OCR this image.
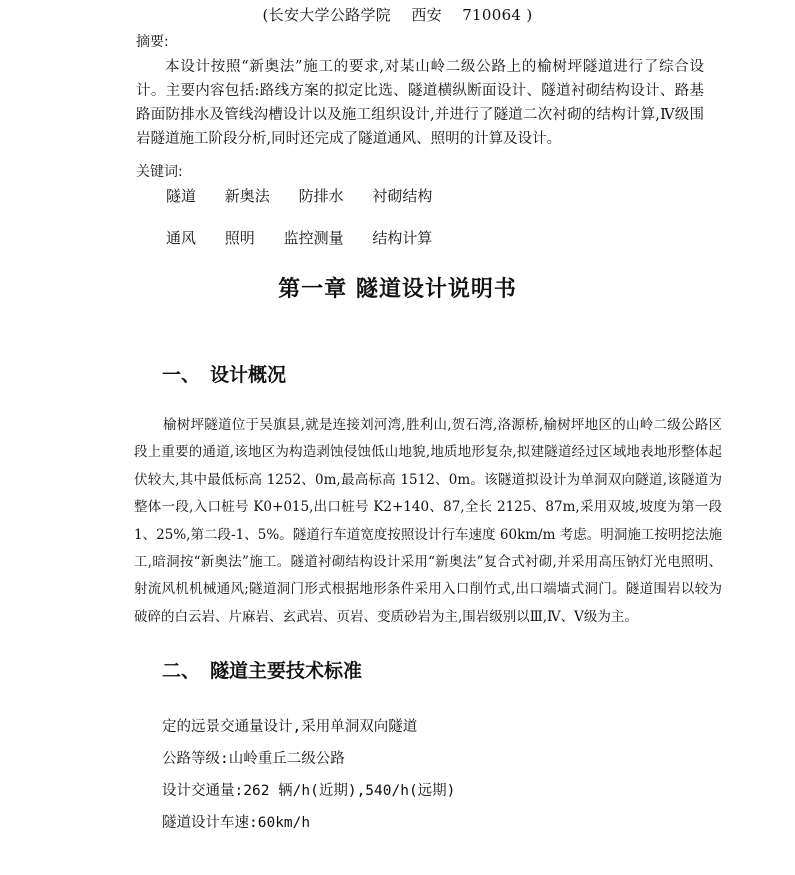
(长安大学公路学院    西安    710064 )
摘要:

本设计按照“新奥法”施工的要求,对某山岭二级公路上的榆树坪隧道进行了综合设计。主要内容包括:路线方案的拟定比选、隧道横纵断面设计、隧道衬砌结构设计、路基路面防排水及管线沟槽设计以及施工组织设计,并进行了隧道二次衬砌的结构计算,Ⅳ级围岩隧道施工阶段分析,同时还完成了隧道通风、照明的计算及设计。

关键词:
隧道 新奥法 防排水 衬砌结构
通风 照明 监控测量 结构计算
第一章 隧道设计说明书
一、 设计概况

榆树坪隧道位于吴旗县,就是连接刘河湾,胜利山,贺石湾,洛源桥,榆树坪地区的山岭二级公路区段上重要的通道,该地区为构造剥蚀侵蚀低山地貌,地质地形复杂,拟建隧道经过区域地表地形整体起伏较大,其中最低标高 1252、0m,最高标高 1512、0m。该隧道拟设计为单洞双向隧道,该隧道为整体一段,入口桩号 K0+015,出口桩号 K2+140、87,全长 2125、87m,采用双坡,坡度为第一段 1、25%,第二段-1、5%。隧道行车道宽度按照设计行车速度 60km/m 考虑。明洞施工按明挖法施工,暗洞按“新奥法”施工。隧道衬砌结构设计采用“新奥法”复合式衬砌,并采用高压钠灯光电照明、射流风机机械通风;隧道洞门形式根据地形条件采用入口削竹式,出口端墙式洞门。隧道围岩以较为破碎的白云岩、片麻岩、玄武岩、页岩、变质砂岩为主,围岩级别以Ⅲ,Ⅳ、Ⅴ级为主。

二、 隧道主要技术标准
定的远景交通量设计,采用单洞双向隧道
公路等级:山岭重丘二级公路
设计交通量:262 辆/h(近期),540/h(远期)
隧道设计车速:60km/h
